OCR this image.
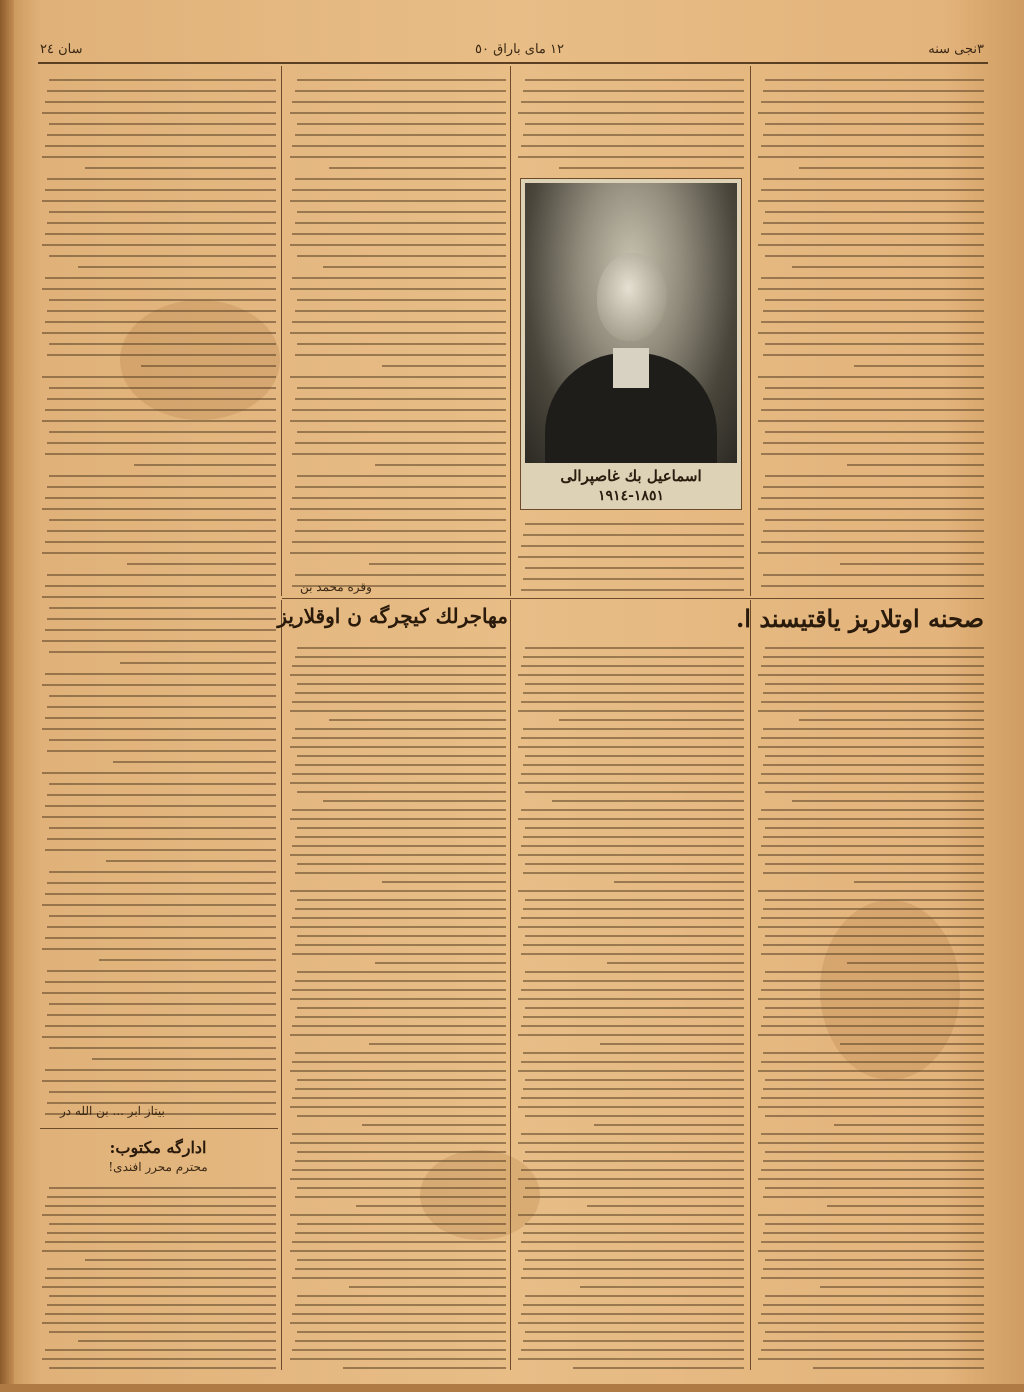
٣نجی سنه
١٢ مای باراق ٥٠
سان ٢٤
اسماعیل بك غاصپرالی
١٨٥١-١٩١٤
وقره محمد بن
صحنه اوتلاریز یاقتیسند ا.
مهاجرلك كیچرگه ن اوقلاریز
بیتاز ابر ... بن الله در
ادارگه مکتوب:
محترم محرر افندی!
